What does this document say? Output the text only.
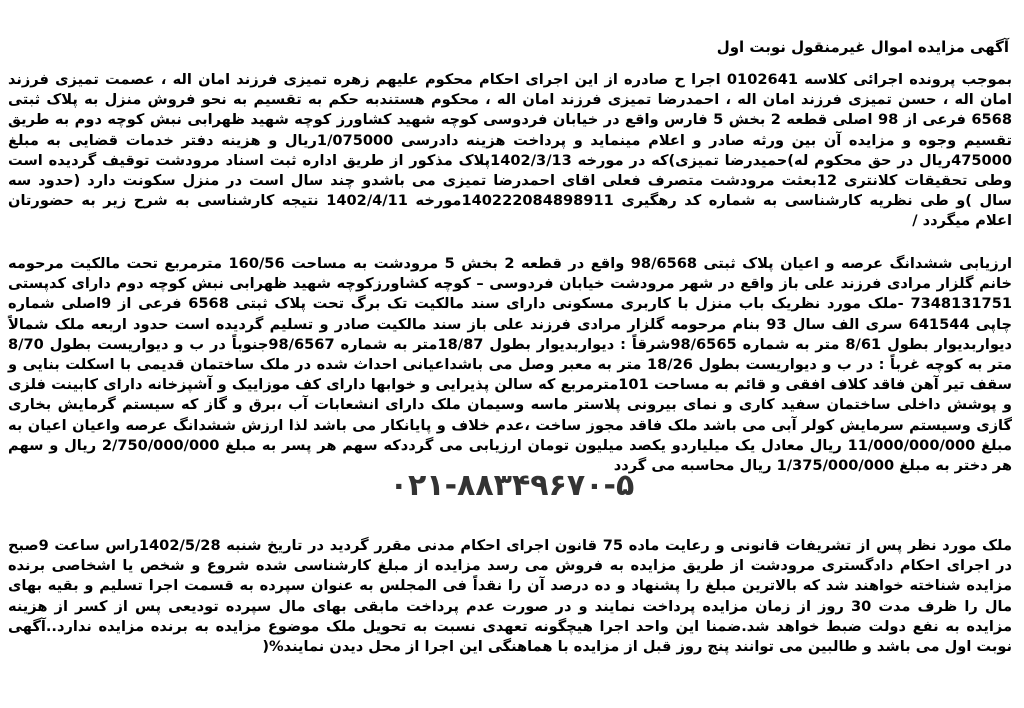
آگهی مزایده اموال غیرمنقول نوبت اول

بموجب پرونده اجرائی کلاسه 0102641 اجرا ح صادره از این اجرای احکام محکوم علیهم زهره تمیزی فرزند امان اله ، عصمت تمیزی فرزند امان اله ، حسن تمیزی فرزند امان اله ، احمدرضا تمیزی فرزند امان اله ، محکوم هستندبه حکم به تقسیم به نحو فروش منزل به پلاک ثبتی 6568 فرعی از 98 اصلی قطعه 2 بخش 5 فارس واقع در خیابان فردوسی کوچه شهید کشاورز کوچه شهید ظهرابی نبش کوچه دوم به طریق تقسیم وجوه و مزایده آن بین ورثه صادر و اعلام مینماید و پرداخت هزینه دادرسی 1/075000ریال و هزینه دفتر خدمات قضایی به مبلغ 475000ریال در حق محکوم له)حمیدرضا تمیزی)که در مورخه 1402/3/13پلاک مذکور از طریق اداره ثبت اسناد مرودشت توقیف گردیده است وطی تحقیقات کلانتری 12بعثت مرودشت متصرف فعلی اقای احمدرضا تمیزی می باشدو چند سال است در منزل سکونت دارد (حدود سه سال )و طی نظریه کارشناسی به شماره کد رهگیری 140222084898911مورخه 1402/4/11 نتیجه کارشناسی به شرح زیر به حضورتان اعلام میگردد /

ارزیابی ششدانگ عرصه و اعیان پلاک ثبتی 98/6568 واقع در قطعه 2 بخش 5 مرودشت به مساحت 160/56 مترمربع تحت مالکیت مرحومه خانم گلزار مرادی فرزند علی باز واقع در شهر مرودشت خیابان فردوسی – کوچه کشاورزکوچه شهید ظهرابی نبش کوچه دوم دارای کدپستی 7348131751 -ملک مورد نظریک باب منزل با کاربری مسکونی دارای سند مالکیت تک برگ تحت پلاک ثبتی 6568 فرعی از 9اصلی شماره چاپی 641544 سری الف سال 93 بنام مرحومه گلزار مرادی فرزند علی باز سند مالکیت صادر و تسلیم گردیده است حدود اربعه ملک شمالاً دیواربدیوار بطول 8/61 متر به شماره 98/6565شرقاً : دیواربدیوار بطول 18/87متر به شماره 98/6567جنوباً در ب و دیواریست بطول 8/70 متر به کوچه غرباً : در ب و دیواریست بطول 18/26 متر به معبر وصل می باشداعیانی احداث شده در ملک ساختمان قدیمی با اسکلت بنایی و سقف تیر آهن فاقد کلاف افقی و قائم به مساحت 101مترمربع که سالن پذیرایی و خوابها دارای کف موزاییک و آشپزخانه دارای کابینت فلزی و پوشش داخلی ساختمان سفید کاری و نمای بیرونی پلاستر ماسه وسیمان ملک دارای انشعابات آب ،برق و گاز که سیستم گرمایش بخاری گازی وسیستم سرمایش کولر آبی می باشد ملک فاقد مجوز ساخت ،عدم خلاف و پایانکار می باشد لذا ارزش ششدانگ عرصه واعیان اعیان به مبلغ 11/000/000/000 ریال معادل یک میلیاردو یکصد میلیون تومان ارزیابی می گرددکه سهم هر پسر به مبلغ 2/750/000/000 ریال و سهم هر دختر به مبلغ 1/375/000/000 ریال محاسبه می گردد

۰۲۱-۸۸۳۴۹۶۷۰-۵

ملک مورد نظر پس از تشریفات قانونی و رعایت ماده 75 قانون اجرای احکام مدنی مقرر گردید در تاریخ شنبه 1402/5/28راس ساعت 9صبح در اجرای احکام دادگستری مرودشت از طریق مزایده به فروش می رسد مزایده از مبلغ کارشناسی شده شروع و شخص یا اشخاصی برنده مزایده شناخته خواهند شد که بالاترین مبلغ را پشنهاد و ده درصد آن را نقداً فی المجلس به عنوان سپرده به قسمت اجرا تسلیم و بقیه بهای مال را ظرف مدت 30 روز از زمان مزایده پرداخت نمایند و در صورت عدم پرداخت مابقی بهای مال سپرده تودیعی پس از کسر از هزینه مزایده به نفع دولت ضبط خواهد شد.ضمنا این واحد اجرا هیچگونه تعهدی نسبت به تحویل ملک موضوع مزایده به برنده مزایده ندارد..آگهی نوبت اول می باشد و طالبین می توانند پنج روز قبل از مزایده با هماهنگی این اجرا از محل دیدن نمایند%(
